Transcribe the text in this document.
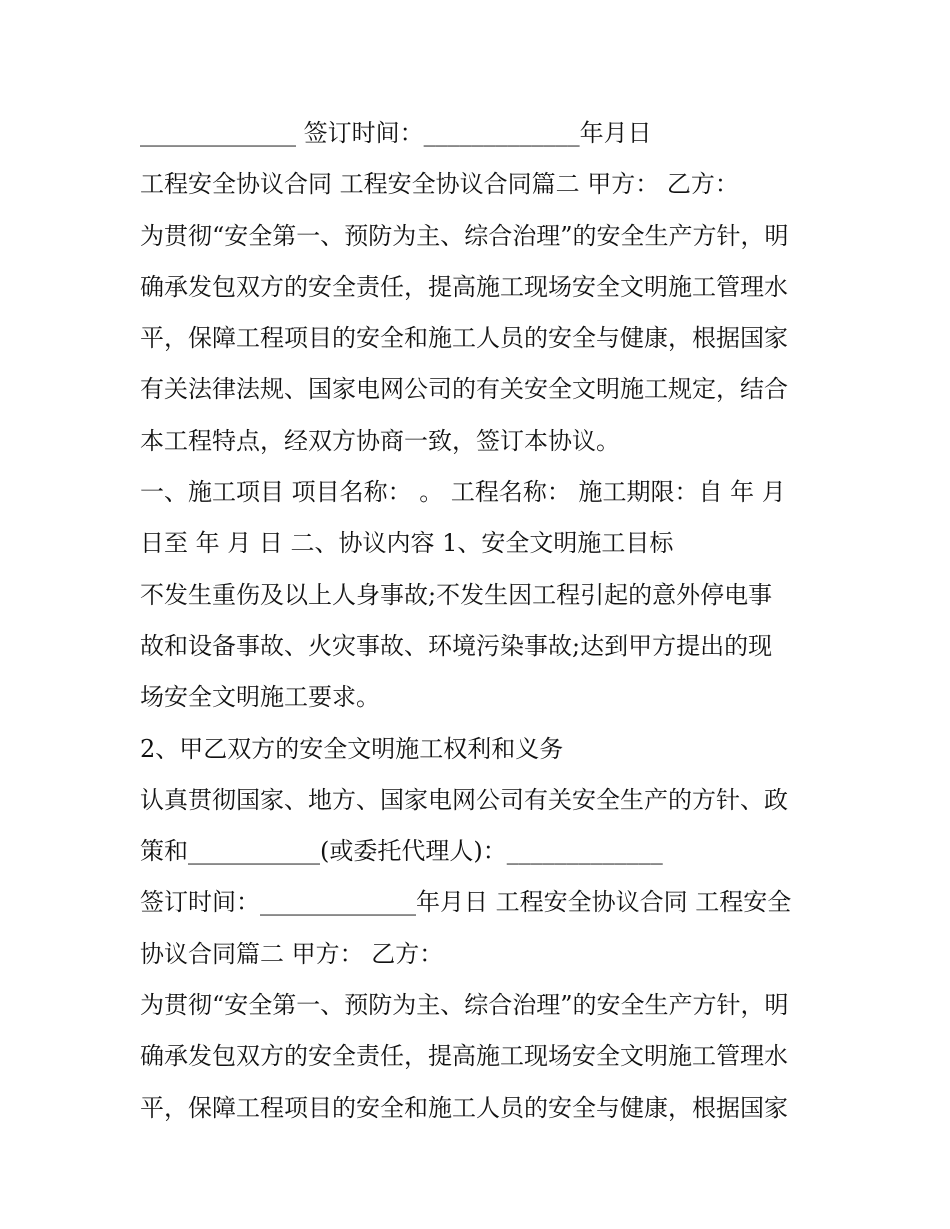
_____________ 签订时间：_____________年月日
工程安全协议合同 工程安全协议合同篇二 甲方： 乙方：
为贯彻“安全第一、预防为主、综合治理”的安全生产方针，明
确承发包双方的安全责任，提高施工现场安全文明施工管理水
平，保障工程项目的安全和施工人员的安全与健康，根据国家
有关法律法规、国家电网公司的有关安全文明施工规定，结合
本工程特点，经双方协商一致，签订本协议。
一、施工项目 项目名称： 。 工程名称： 施工期限：自 年 月
日至 年 月 日 二、协议内容 1、安全文明施工目标
不发生重伤及以上人身事故;不发生因工程引起的意外停电事
故和设备事故、火灾事故、环境污染事故;达到甲方提出的现
场安全文明施工要求。
2、甲乙双方的安全文明施工权利和义务
认真贯彻国家、地方、国家电网公司有关安全生产的方针、政
策和___________(或委托代理人)：_____________
签订时间：_____________年月日 工程安全协议合同 工程安全
协议合同篇二 甲方： 乙方：
为贯彻“安全第一、预防为主、综合治理”的安全生产方针，明
确承发包双方的安全责任，提高施工现场安全文明施工管理水
平，保障工程项目的安全和施工人员的安全与健康，根据国家
